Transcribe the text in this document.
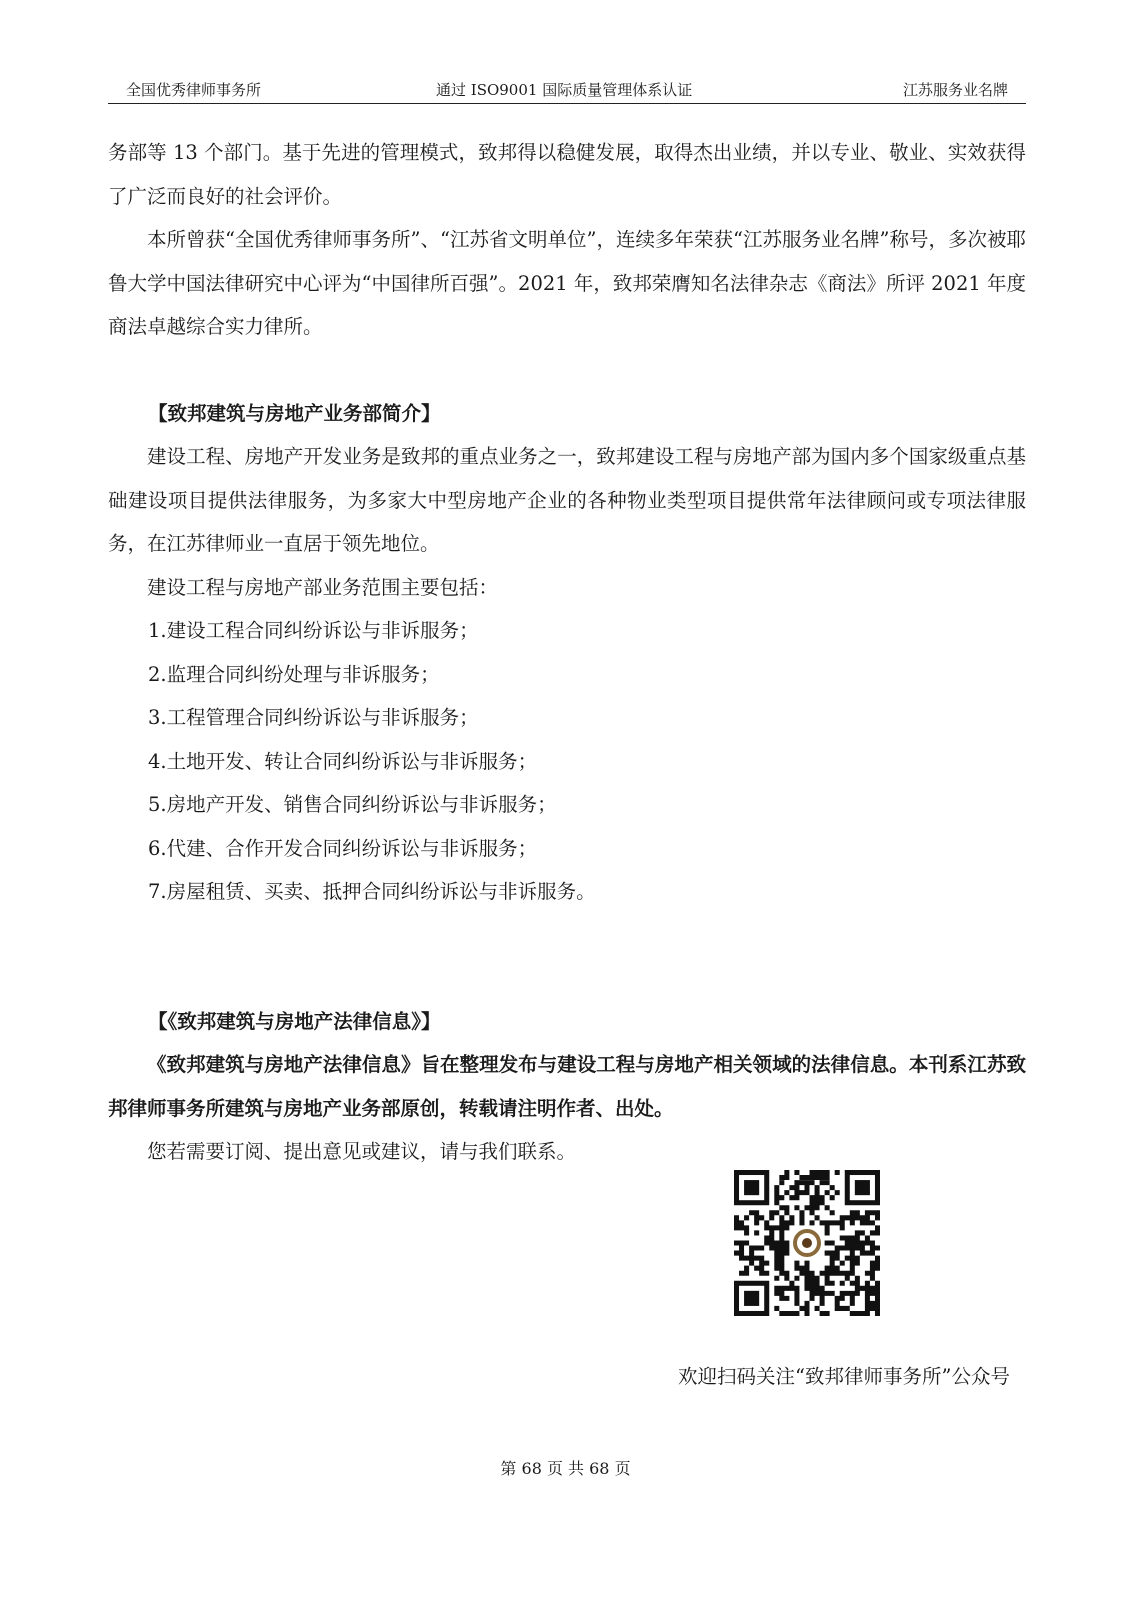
全国优秀律师事务所	通过 ISO9001 国际质量管理体系认证	江苏服务业名牌

务部等 13 个部门。基于先进的管理模式，致邦得以稳健发展，取得杰出业绩，并以专业、敬业、实效获得了广泛而良好的社会评价。

本所曾获“全国优秀律师事务所”、“江苏省文明单位”，连续多年荣获“江苏服务业名牌”称号，多次被耶鲁大学中国法律研究中心评为“中国律所百强”。2021 年，致邦荣膺知名法律杂志《商法》所评 2021 年度商法卓越综合实力律所。

【致邦建筑与房地产业务部简介】

建设工程、房地产开发业务是致邦的重点业务之一，致邦建设工程与房地产部为国内多个国家级重点基础建设项目提供法律服务，为多家大中型房地产企业的各种物业类型项目提供常年法律顾问或专项法律服务，在江苏律师业一直居于领先地位。

建设工程与房地产部业务范围主要包括：

1.建设工程合同纠纷诉讼与非诉服务；

2.监理合同纠纷处理与非诉服务；

3.工程管理合同纠纷诉讼与非诉服务；

4.土地开发、转让合同纠纷诉讼与非诉服务；

5.房地产开发、销售合同纠纷诉讼与非诉服务；

6.代建、合作开发合同纠纷诉讼与非诉服务；

7.房屋租赁、买卖、抵押合同纠纷诉讼与非诉服务。

【《致邦建筑与房地产法律信息》】

《致邦建筑与房地产法律信息》旨在整理发布与建设工程与房地产相关领域的法律信息。本刊系江苏致邦律师事务所建筑与房地产业务部原创，转载请注明作者、出处。

您若需要订阅、提出意见或建议，请与我们联系。

欢迎扫码关注“致邦律师事务所”公众号
第 68 页 共 68 页
